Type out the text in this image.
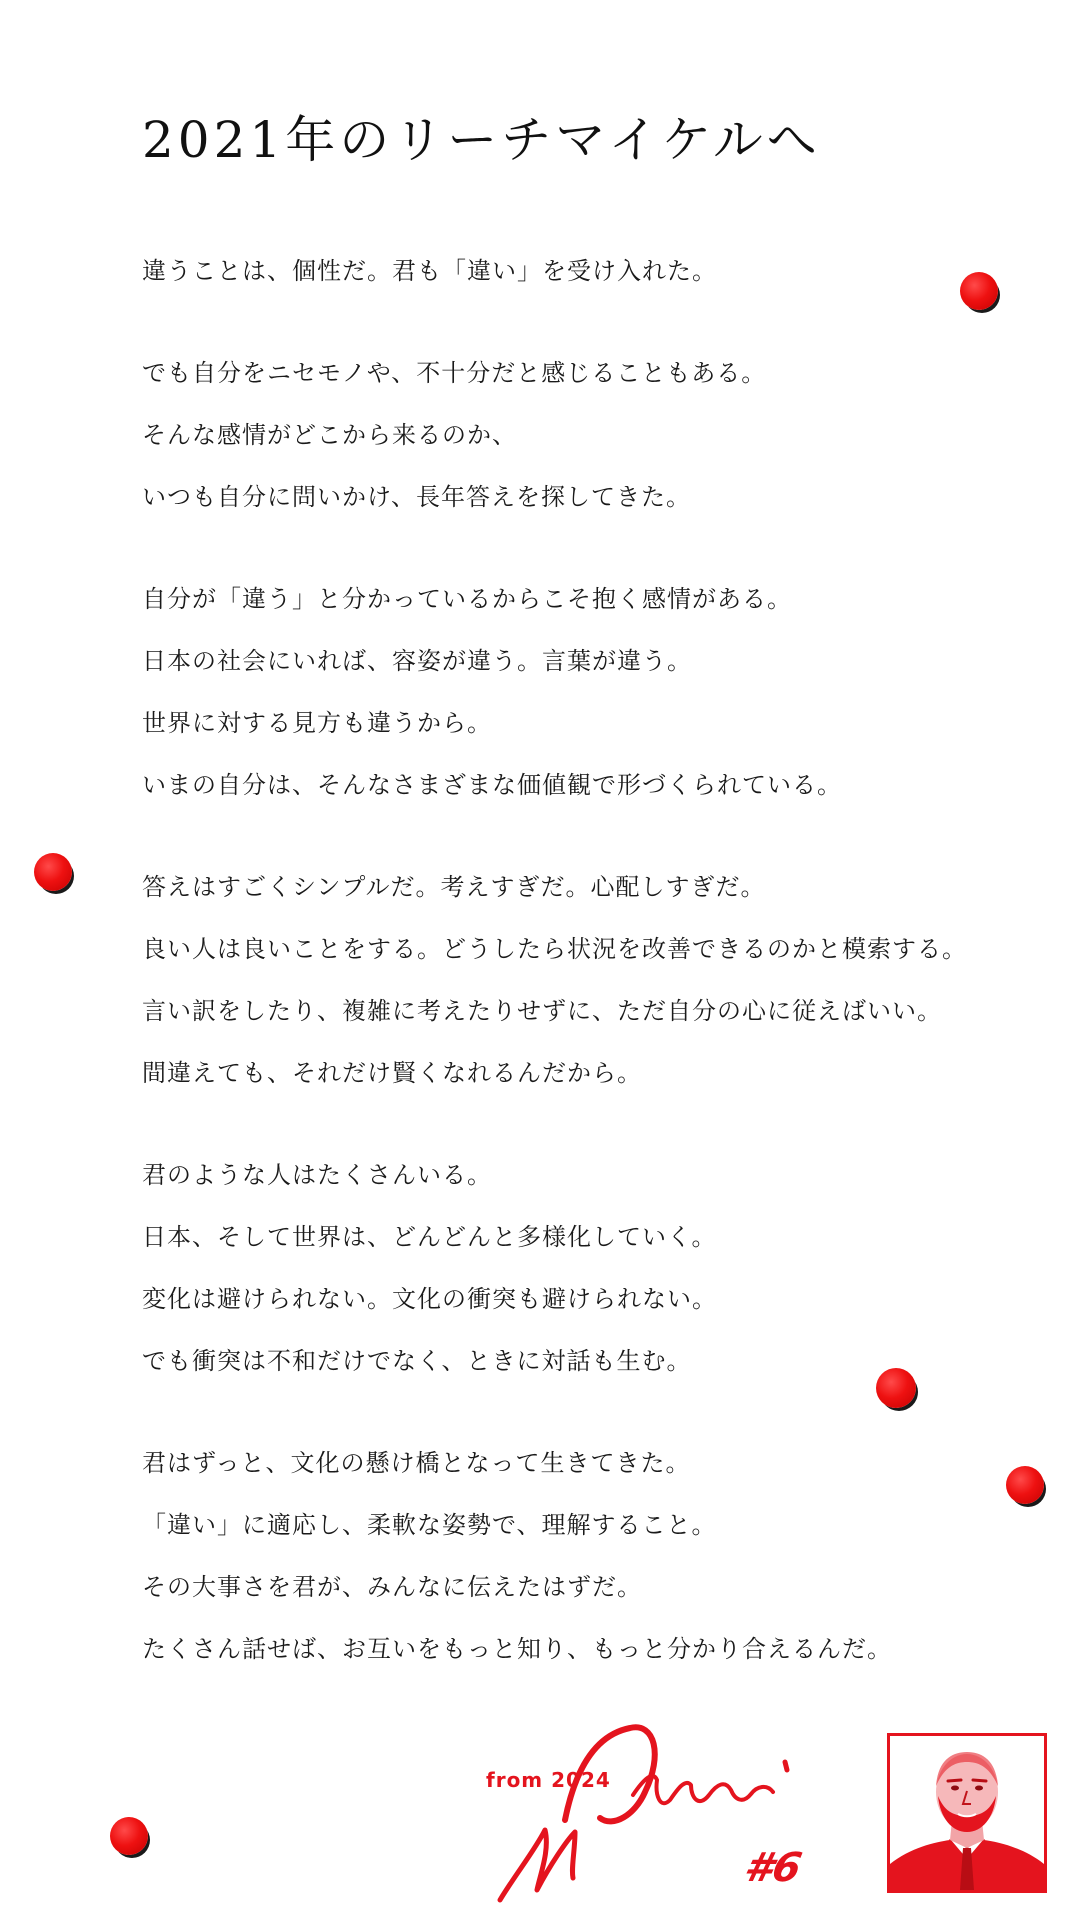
2021年のリーチマイケルへ
違うことは、個性だ。君も「違い」を受け入れた。
でも自分をニセモノや、不十分だと感じることもある。
そんな感情がどこから来るのか、
いつも自分に問いかけ、長年答えを探してきた。
自分が「違う」と分かっているからこそ抱く感情がある。
日本の社会にいれば、容姿が違う。言葉が違う。
世界に対する見方も違うから。
いまの自分は、そんなさまざまな価値観で形づくられている。
答えはすごくシンプルだ。考えすぎだ。心配しすぎだ。
良い人は良いことをする。どうしたら状況を改善できるのかと模索する。
言い訳をしたり、複雑に考えたりせずに、ただ自分の心に従えばいい。
間違えても、それだけ賢くなれるんだから。
君のような人はたくさんいる。
日本、そして世界は、どんどんと多様化していく。
変化は避けられない。文化の衝突も避けられない。
でも衝突は不和だけでなく、ときに対話も生む。
君はずっと、文化の懸け橋となって生きてきた。
「違い」に適応し、柔軟な姿勢で、理解すること。
その大事さを君が、みんなに伝えたはずだ。
たくさん話せば、お互いをもっと知り、もっと分かり合えるんだ。
from 2024
#6
